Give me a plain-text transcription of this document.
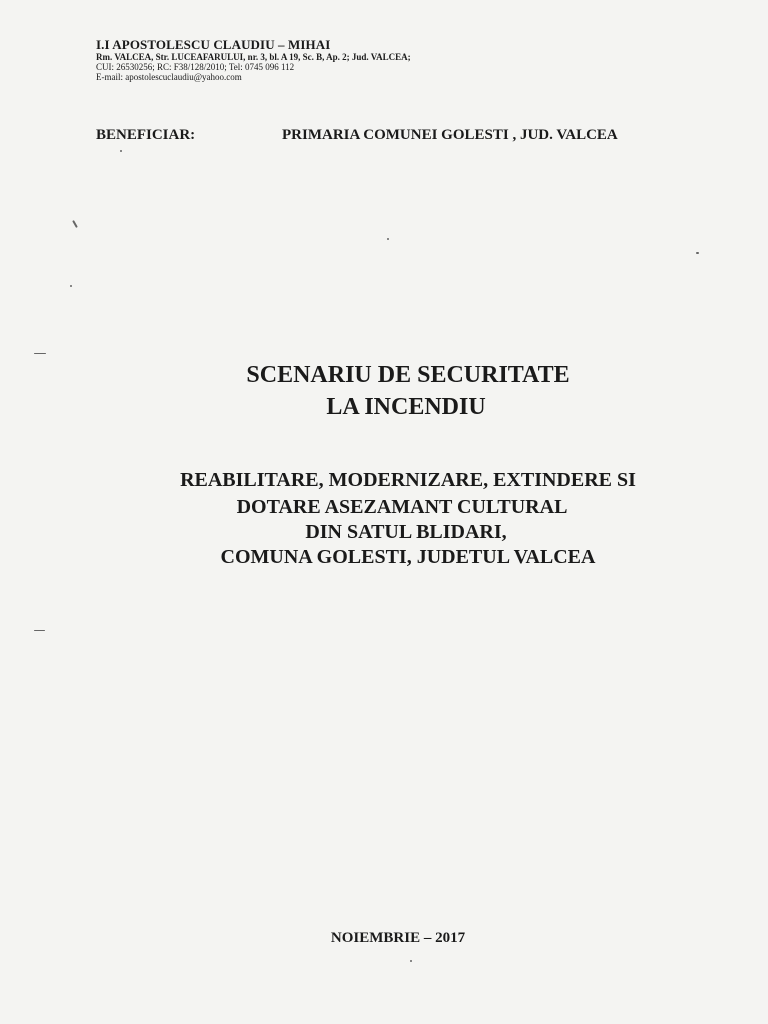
I.I APOSTOLESCU CLAUDIU – MIHAI
Rm. VALCEA, Str. LUCEAFARULUI, nr. 3, bl. A 19, Sc. B, Ap. 2; Jud. VALCEA;
CUI: 26530256; RC: F38/128/2010; Tel: 0745 096 112
E-mail: apostolescuclaudiu@yahoo.com
BENEFICIAR:	PRIMARIA COMUNEI GOLESTI , JUD. VALCEA
SCENARIU DE SECURITATE
LA INCENDIU
REABILITARE, MODERNIZARE, EXTINDERE SI
DOTARE ASEZAMANT CULTURAL
DIN SATUL BLIDARI,
COMUNA GOLESTI, JUDETUL VALCEA
NOIEMBRIE – 2017
